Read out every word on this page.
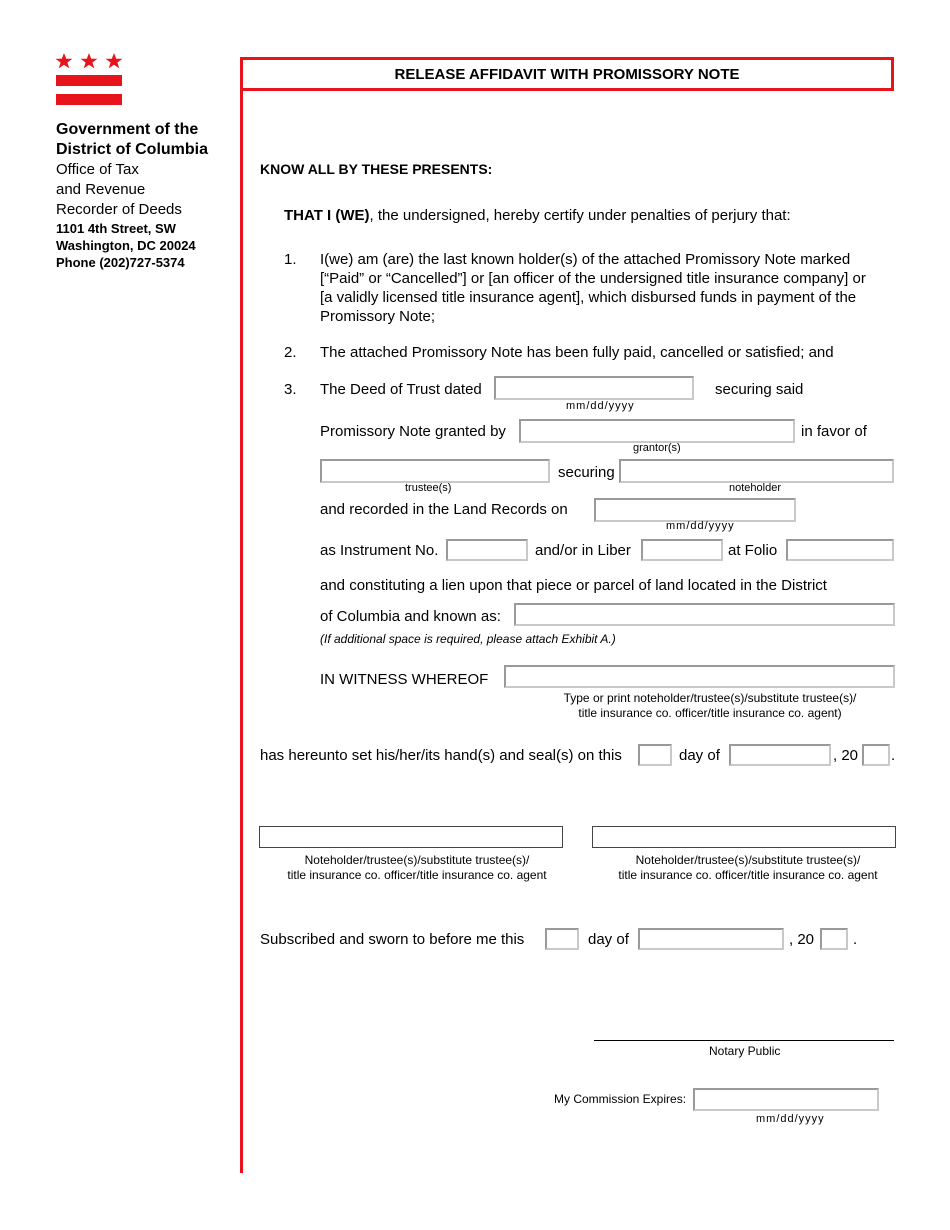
Government of the
District of Columbia
Office of Tax
and Revenue
Recorder of Deeds
1101 4th Street, SW
Washington, DC 20024
Phone (202)727-5374
RELEASE AFFIDAVIT WITH PROMISSORY NOTE
KNOW ALL BY THESE PRESENTS:
THAT I (WE), the undersigned, hereby certify under penalties of perjury that:
1. I(we) am (are) the last known holder(s) of the attached Promissory Note marked
[“Paid” or “Cancelled”] or [an officer of the undersigned title insurance company] or
[a validly licensed title insurance agent], which disbursed funds in payment of the
Promissory Note;
2. The attached Promissory Note has been fully paid, cancelled or satisfied; and
3. The Deed of Trust dated	securing said
mm/dd/yyyy
Promissory Note granted by	in favor of
grantor(s)
securing
trustee(s)	noteholder
and recorded in the Land Records on
mm/dd/yyyy
as Instrument No.	and/or in Liber	at Folio
and constituting a lien upon that piece or parcel of land located in the District
of Columbia and known as:
(If additional space is required, please attach Exhibit A.)
IN WITNESS WHEREOF
Type or print noteholder/trustee(s)/substitute trustee(s)/
title insurance co. officer/title insurance co. agent)
has hereunto set his/her/its hand(s) and seal(s) on this	day of	, 20 .
Noteholder/trustee(s)/substitute trustee(s)/
title insurance co. officer/title insurance co. agent
Noteholder/trustee(s)/substitute trustee(s)/
title insurance co. officer/title insurance co. agent
Subscribed and sworn to before me this	day of	, 20	.
Notary Public
My Commission Expires:
mm/dd/yyyy
